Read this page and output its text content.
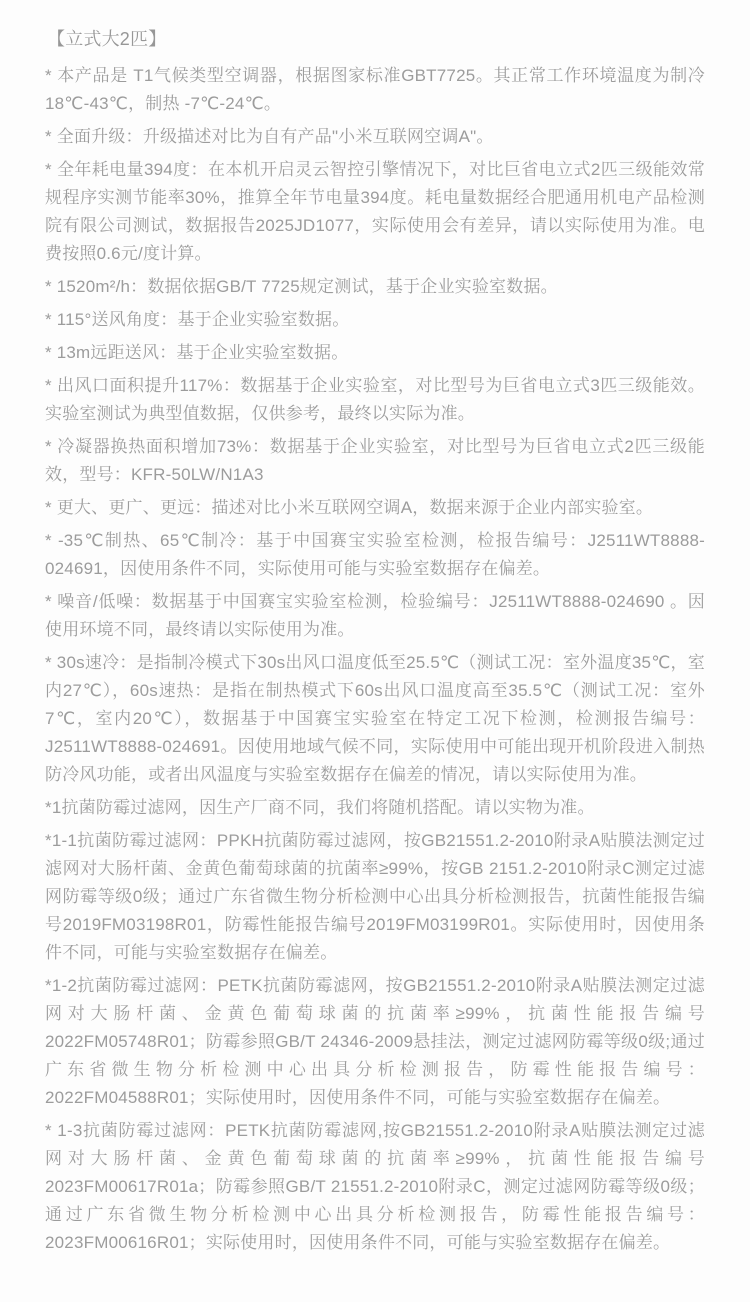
【立式大2匹】

* 本产品是 T1气候类型空调器，根据图家标准GBT7725。其正常工作环境温度为制冷18℃-43℃，制热 -7℃-24℃。

* 全面升级：升级描述对比为自有产品"小米互联网空调A"。

* 全年耗电量394度：在本机开启灵云智控引擎情况下，对比巨省电立式2匹三级能效常规程序实测节能率30%，推算全年节电量394度。耗电量数据经合肥通用机电产品检测院有限公司测试，数据报告2025JD1077，实际使用会有差异，请以实际使用为准。电费按照0.6元/度计算。

* 1520m²/h：数据依据GB/T 7725规定测试，基于企业实验室数据。

* 115°送风角度：基于企业实验室数据。

* 13m远距送风：基于企业实验室数据。

* 出风口面积提升117%：数据基于企业实验室，对比型号为巨省电立式3匹三级能效。实验室测试为典型值数据，仅供参考，最终以实际为准。

* 冷凝器换热面积增加73%：数据基于企业实验室，对比型号为巨省电立式2匹三级能效，型号：KFR-50LW/N1A3

* 更大、更广、更远：描述对比小米互联网空调A，数据来源于企业内部实验室。

* -35℃制热、65℃制冷：基于中国赛宝实验室检测，检报告编号：J2511WT8888-024691，因使用条件不同，实际使用可能与实验室数据存在偏差。

* 噪音/低噪：数据基于中国赛宝实验室检测，检验编号：J2511WT8888-024690 。因使用环境不同，最终请以实际使用为准。

* 30s速冷：是指制冷模式下30s出风口温度低至25.5℃（测试工况：室外温度35℃，室内27℃），60s速热：是指在制热模式下60s出风口温度高至35.5℃（测试工况：室外7℃，室内20℃），数据基于中国赛宝实验室在特定工况下检测，检测报告编号：J2511WT8888-024691。因使用地域气候不同，实际使用中可能出现开机阶段进入制热防冷风功能，或者出风温度与实验室数据存在偏差的情况，请以实际使用为准。

*1抗菌防霉过滤网，因生产厂商不同，我们将随机搭配。请以实物为准。

*1-1抗菌防霉过滤网：PPKH抗菌防霉过滤网，按GB21551.2-2010附录A贴膜法测定过滤网对大肠杆菌、金黄色葡萄球菌的抗菌率≥99%，按GB 2151.2-2010附录C测定过滤网防霉等级0级；通过广东省微生物分析检测中心出具分析检测报告，抗菌性能报告编号2019FM03198R01，防霉性能报告编号2019FM03199R01。实际使用时，因使用条件不同，可能与实验室数据存在偏差。

*1-2抗菌防霉过滤网：PETK抗菌防霉滤网，按GB21551.2-2010附录A贴膜法测定过滤网对大肠杆菌、金黄色葡萄球菌的抗菌率≥99%，抗菌性能报告编号2022FM05748R01；防霉参照GB/T 24346-2009悬挂法，测定过滤网防霉等级0级;通过广东省微生物分析检测中心出具分析检测报告，防霉性能报告编号：2022FM04588R01；实际使用时，因使用条件不同，可能与实验室数据存在偏差。

* 1-3抗菌防霉过滤网：PETK抗菌防霉滤网,按GB21551.2-2010附录A贴膜法测定过滤网对大肠杆菌、金黄色葡萄球菌的抗菌率≥99%，抗菌性能报告编号2023FM00617R01a；防霉参照GB/T 21551.2-2010附录C，测定过滤网防霉等级0级；通过广东省微生物分析检测中心出具分析检测报告，防霉性能报告编号：2023FM00616R01；实际使用时，因使用条件不同，可能与实验室数据存在偏差。
